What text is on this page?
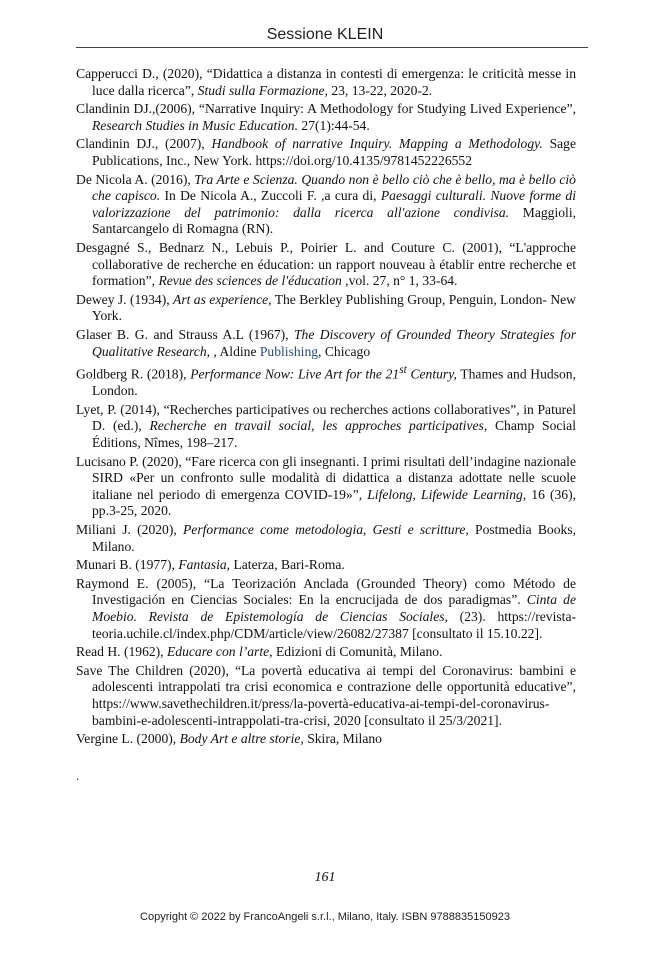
Sessione KLEIN
Capperucci D., (2020), “Didattica a distanza in contesti di emergenza: le criticità messe in luce dalla ricerca”, Studi sulla Formazione, 23, 13-22, 2020-2.
Clandinin DJ.,(2006), “Narrative Inquiry: A Methodology for Studying Lived Experience”, Research Studies in Music Education. 27(1):44-54.
Clandinin DJ., (2007), Handbook of narrative Inquiry. Mapping a Methodology. Sage Publications, Inc., New York. https://doi.org/10.4135/9781452226552
De Nicola A. (2016), Tra Arte e Scienza. Quando non è bello ciò che è bello, ma è bello ciò che capisco. In De Nicola A., Zuccoli F. ,a cura di, Paesaggi culturali. Nuove forme di valorizzazione del patrimonio: dalla ricerca all'azione condivisa. Maggioli, Santarcangelo di Romagna (RN).
Desgagné S., Bednarz N., Lebuis P., Poirier L. and Couture C. (2001), “L'approche collaborative de recherche en éducation: un rapport nouveau à établir entre recherche et formation”, Revue des sciences de l'éducation ,vol. 27, n° 1, 33-64.
Dewey J. (1934), Art as experience, The Berkley Publishing Group, Penguin, London- New York.
Glaser B. G. and Strauss A.L (1967), The Discovery of Grounded Theory Strategies for Qualitative Research, , Aldine Publishing, Chicago
Goldberg R. (2018), Performance Now: Live Art for the 21st Century, Thames and Hudson, London.
Lyet, P. (2014), “Recherches participatives ou recherches actions collaboratives”, in Paturel D. (ed.), Recherche en travail social, les approches participatives, Champ Social Éditions, Nîmes, 198–217.
Lucisano P. (2020), “Fare ricerca con gli insegnanti. I primi risultati dell’indagine nazionale SIRD «Per un confronto sulle modalità di didattica a distanza adottate nelle scuole italiane nel periodo di emergenza COVID-19»”, Lifelong, Lifewide Learning, 16 (36), pp.3-25, 2020.
Miliani J. (2020), Performance come metodologia, Gesti e scritture, Postmedia Books, Milano.
Munari B. (1977), Fantasia, Laterza, Bari-Roma.
Raymond E. (2005), “La Teorización Anclada (Grounded Theory) como Método de Investigación en Ciencias Sociales: En la encrucijada de dos paradigmas”. Cinta de Moebio. Revista de Epistemología de Ciencias Sociales, (23). https://revista-teoria.uchile.cl/index.php/CDM/article/view/26082/27387 [consultato il 15.10.22].
Read H. (1962), Educare con l’arte, Edizioni di Comunità, Milano.
Save The Children (2020), “La povertà educativa ai tempi del Coronavirus: bambini e adolescenti intrappolati tra crisi economica e contrazione delle opportunità educative”, https://www.savethechildren.it/press/la-povertà-educativa-ai-tempi-del-coronavirus-bambini-e-adolescenti-intrappolati-tra-crisi, 2020 [consultato il 25/3/2021].
Vergine L. (2000), Body Art e altre storie, Skira, Milano
.
161
Copyright © 2022 by FrancoAngeli s.r.l., Milano, Italy. ISBN 9788835150923
